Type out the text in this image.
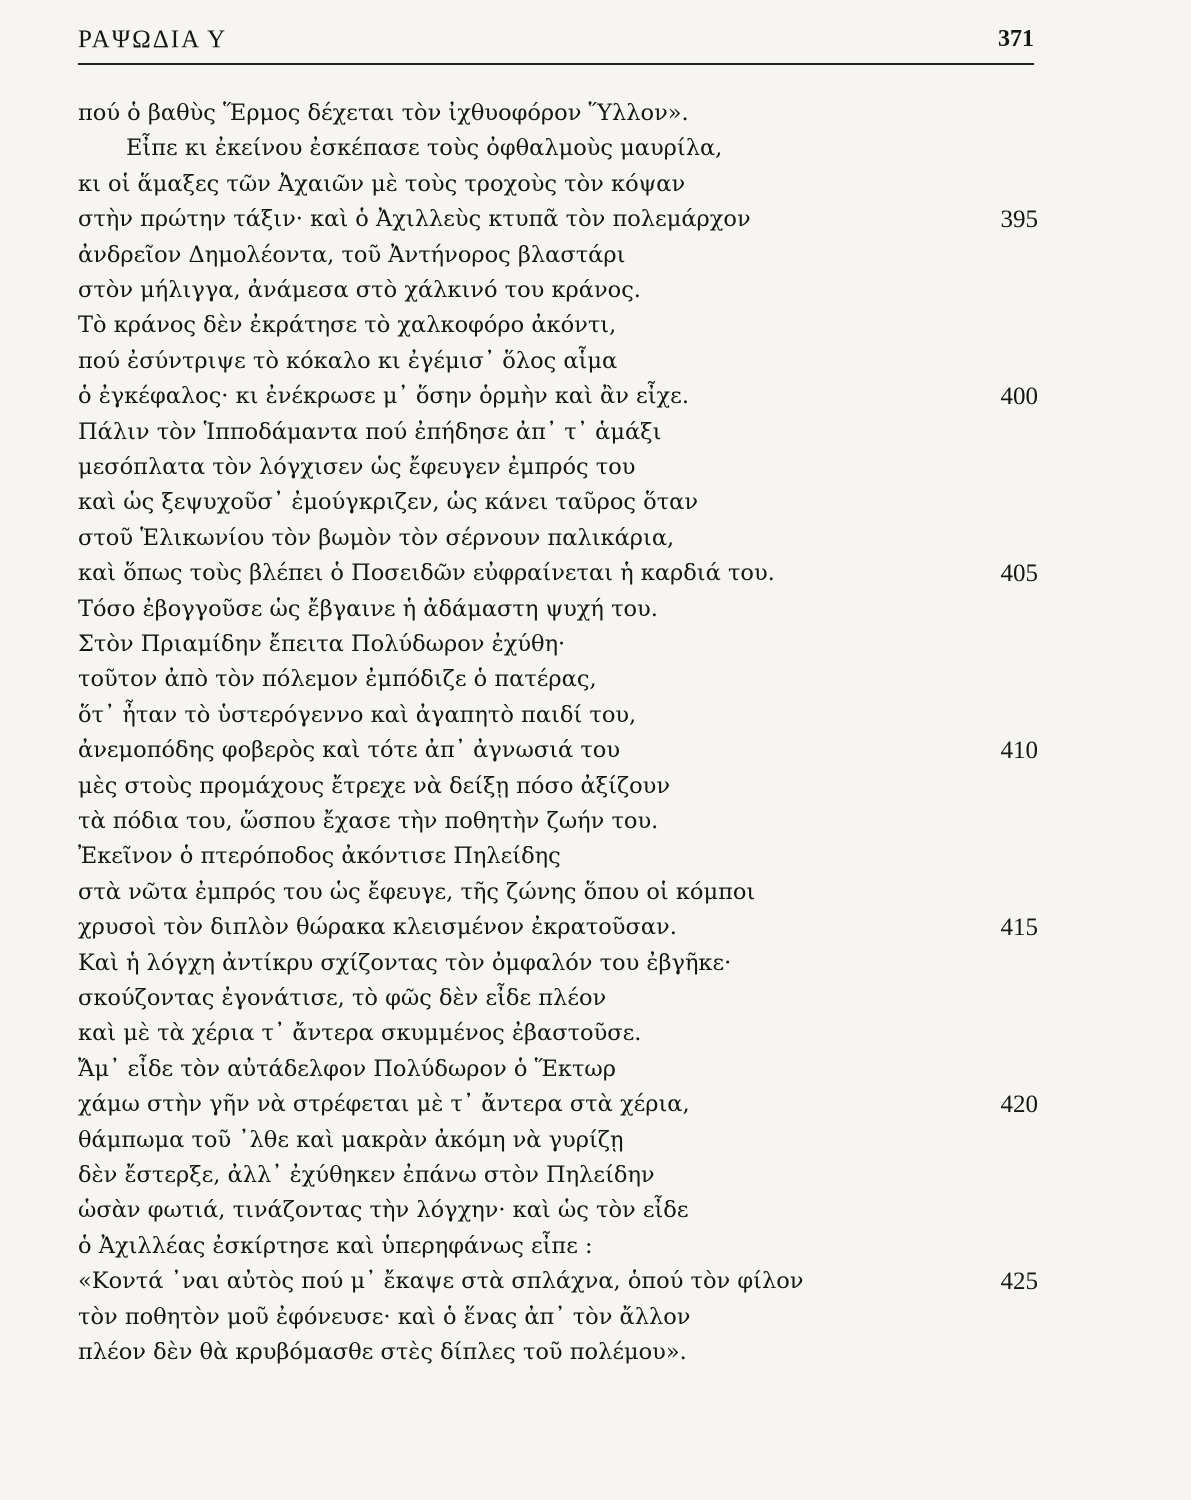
ΡΑΨΩΔΙΑ Υ	371
πού ὁ βαθὺς Ἕρμος δέχεται τὸν ἰχθυοφόρον Ὕλλον».
Εἶπε κι ἐκείνου ἐσκέπασε τοὺς ὀφθαλμοὺς μαυρίλα,
κι οἱ ἅμαξες τῶν Ἀχαιῶν μὲ τοὺς τροχοὺς τὸν κόψαν
στὴν πρώτην τάξιν· καὶ ὁ Ἀχιλλεὺς κτυπᾶ τὸν πολεμάρχον	395
ἀνδρεῖον Δημολέοντα, τοῦ Ἀντήνορος βλαστάρι
στὸν μήλιγγα, ἀνάμεσα στὸ χάλκινό του κράνος.
Τὸ κράνος δὲν ἐκράτησε τὸ χαλκοφόρο ἀκόντι,
πού ἐσύντριψε τὸ κόκαλο κι ἐγέμισ᾽ ὅλος αἷμα
ὁ ἐγκέφαλος· κι ἐνέκρωσε μ᾽ ὅσην ὁρμὴν καὶ ἂν εἶχε.	400
Πάλιν τὸν Ἱπποδάμαντα πού ἐπήδησε ἀπ᾽ τ᾽ ἁμάξι
μεσόπλατα τὸν λόγχισεν ὡς ἔφευγεν ἐμπρός του
καὶ ὡς ξεψυχοῦσ᾽ ἐμούγκριζεν, ὡς κάνει ταῦρος ὅταν
στοῦ Ἑλικωνίου τὸν βωμὸν τὸν σέρνουν παλικάρια,
καὶ ὅπως τοὺς βλέπει ὁ Ποσειδῶν εὐφραίνεται ἡ καρδιά του.	405
Τόσο ἐβογγοῦσε ὡς ἔβγαινε ἡ ἀδάμαστη ψυχή του.
Στὸν Πριαμίδην ἔπειτα Πολύδωρον ἐχύθη·
τοῦτον ἀπὸ τὸν πόλεμον ἐμπόδιζε ὁ πατέρας,
ὅτ᾽ ἦταν τὸ ὑστερόγεννο καὶ ἀγαπητὸ παιδί του,
ἀνεμοπόδης φοβερὸς καὶ τότε ἀπ᾽ ἀγνωσιά του	410
μὲς στοὺς προμάχους ἔτρεχε νὰ δείξῃ πόσο ἀξίζουν
τὰ πόδια του, ὥσπου ἔχασε τὴν ποθητὴν ζωήν του.
Ἐκεῖνον ὁ πτερόποδος ἀκόντισε Πηλείδης
στὰ νῶτα ἐμπρός του ὡς ἔφευγε, τῆς ζώνης ὅπου οἱ κόμποι
χρυσοὶ τὸν διπλὸν θώρακα κλεισμένον ἐκρατοῦσαν.	415
Καὶ ἡ λόγχη ἀντίκρυ σχίζοντας τὸν ὀμφαλόν του ἐβγῆκε·
σκούζοντας ἐγονάτισε, τὸ φῶς δὲν εἶδε πλέον
καὶ μὲ τὰ χέρια τ᾽ ἄντερα σκυμμένος ἐβαστοῦσε.
Ἄμ᾽ εἶδε τὸν αὐτάδελφον Πολύδωρον ὁ Ἕκτωρ
χάμω στὴν γῆν νὰ στρέφεται μὲ τ᾽ ἄντερα στὰ χέρια,	420
θάμπωμα τοῦ ᾽λθε καὶ μακρὰν ἀκόμη νὰ γυρίζῃ
δὲν ἔστερξε, ἀλλ᾽ ἐχύθηκεν ἐπάνω στὸν Πηλείδην
ὡσὰν φωτιά, τινάζοντας τὴν λόγχην· καὶ ὡς τὸν εἶδε
ὁ Ἀχιλλέας ἐσκίρτησε καὶ ὑπερηφάνως εἶπε :
«Κοντά ᾽ναι αὐτὸς πού μ᾽ ἔκαψε στὰ σπλάχνα, ὁπού τὸν φίλον	425
τὸν ποθητὸν μοῦ ἐφόνευσε· καὶ ὁ ἕνας ἀπ᾽ τὸν ἄλλον
πλέον δὲν θὰ κρυβόμασθε στὲς δίπλες τοῦ πολέμου».
